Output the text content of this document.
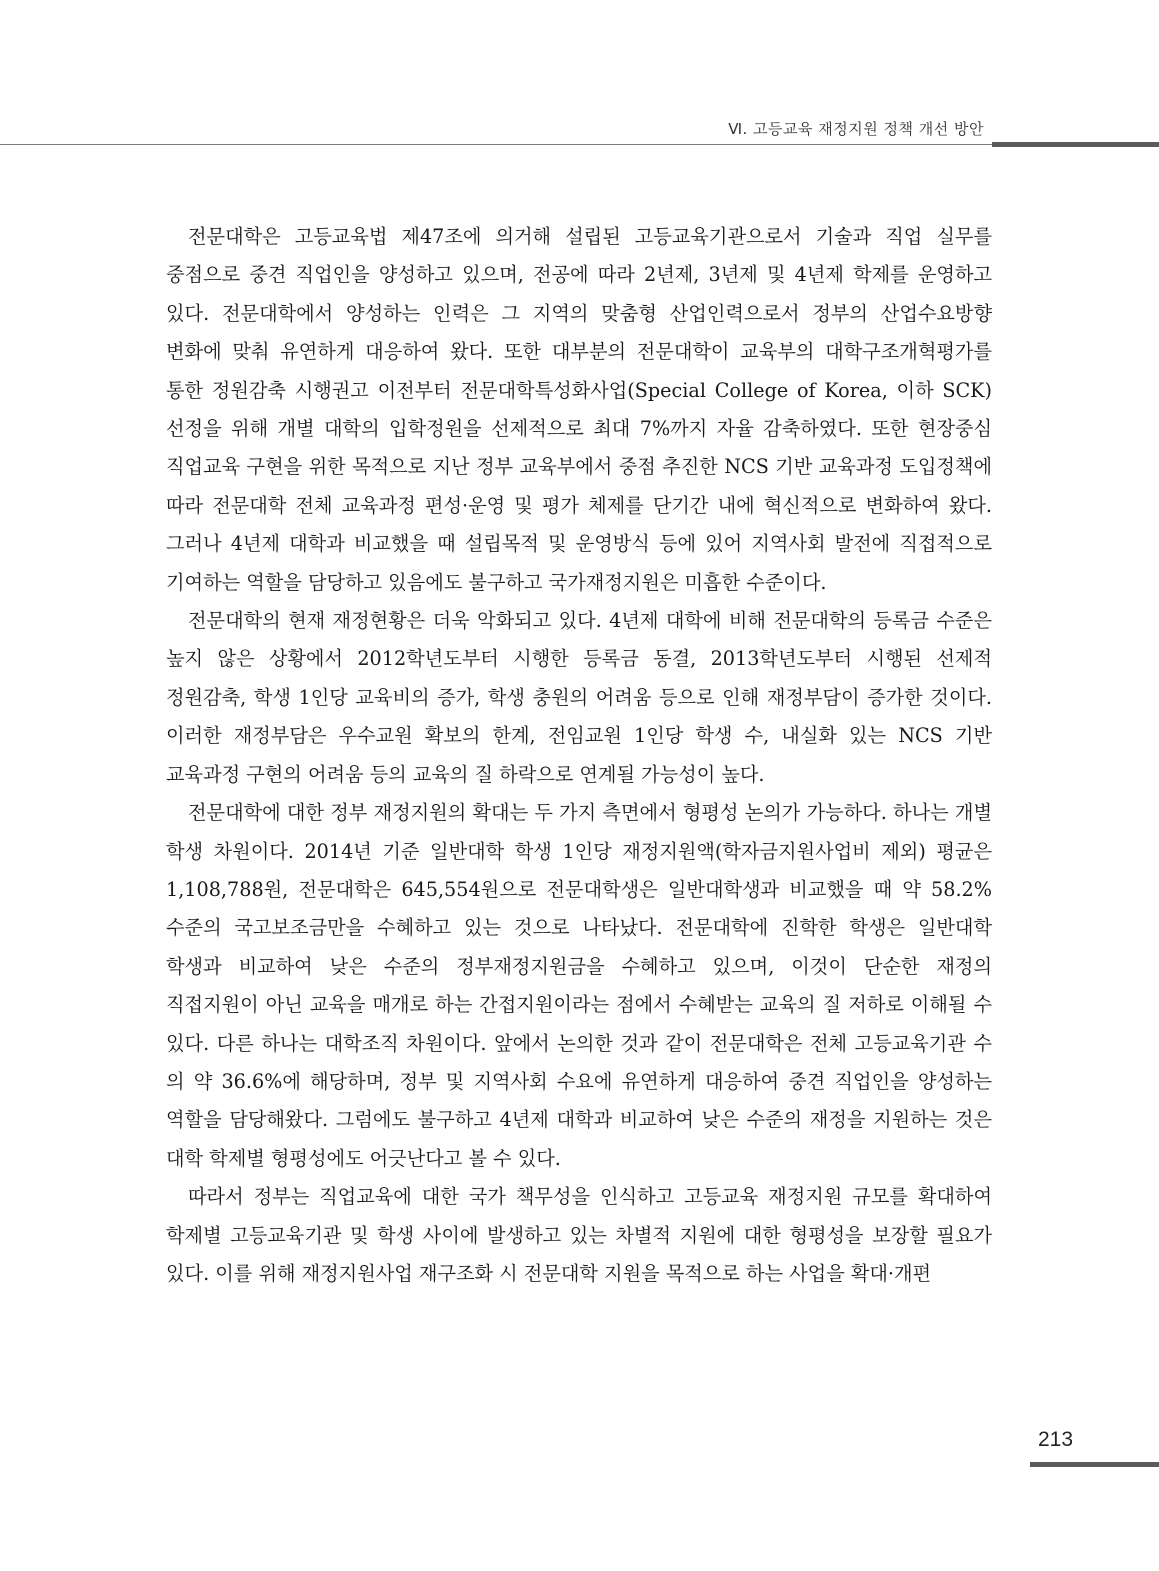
Ⅵ. 고등교육 재정지원 정책 개선 방안

전문대학은 고등교육법 제47조에 의거해 설립된 고등교육기관으로서 기술과 직업 실무를 중점으로 중견 직업인을 양성하고 있으며, 전공에 따라 2년제, 3년제 및 4년제 학제를 운영하고 있다. 전문대학에서 양성하는 인력은 그 지역의 맞춤형 산업인력으로서 정부의 산업수요방향 변화에 맞춰 유연하게 대응하여 왔다. 또한 대부분의 전문대학이 교육부의 대학구조개혁평가를 통한 정원감축 시행권고 이전부터 전문대학특성화사업(Special College of Korea, 이하 SCK) 선정을 위해 개별 대학의 입학정원을 선제적으로 최대 7%까지 자율 감축하였다. 또한 현장중심 직업교육 구현을 위한 목적으로 지난 정부 교육부에서 중점 추진한 NCS 기반 교육과정 도입정책에 따라 전문대학 전체 교육과정 편성·운영 및 평가 체제를 단기간 내에 혁신적으로 변화하여 왔다. 그러나 4년제 대학과 비교했을 때 설립목적 및 운영방식 등에 있어 지역사회 발전에 직접적으로 기여하는 역할을 담당하고 있음에도 불구하고 국가재정지원은 미흡한 수준이다.

전문대학의 현재 재정현황은 더욱 악화되고 있다. 4년제 대학에 비해 전문대학의 등록금 수준은 높지 않은 상황에서 2012학년도부터 시행한 등록금 동결, 2013학년도부터 시행된 선제적 정원감축, 학생 1인당 교육비의 증가, 학생 충원의 어려움 등으로 인해 재정부담이 증가한 것이다. 이러한 재정부담은 우수교원 확보의 한계, 전임교원 1인당 학생 수, 내실화 있는 NCS 기반 교육과정 구현의 어려움 등의 교육의 질 하락으로 연계될 가능성이 높다.

전문대학에 대한 정부 재정지원의 확대는 두 가지 측면에서 형평성 논의가 가능하다. 하나는 개별 학생 차원이다. 2014년 기준 일반대학 학생 1인당 재정지원액(학자금지원사업비 제외) 평균은 1,108,788원, 전문대학은 645,554원으로 전문대학생은 일반대학생과 비교했을 때 약 58.2% 수준의 국고보조금만을 수혜하고 있는 것으로 나타났다. 전문대학에 진학한 학생은 일반대학 학생과 비교하여 낮은 수준의 정부재정지원금을 수혜하고 있으며, 이것이 단순한 재정의 직접지원이 아닌 교육을 매개로 하는 간접지원이라는 점에서 수혜받는 교육의 질 저하로 이해될 수 있다. 다른 하나는 대학조직 차원이다. 앞에서 논의한 것과 같이 전문대학은 전체 고등교육기관 수 의 약 36.6%에 해당하며, 정부 및 지역사회 수요에 유연하게 대응하여 중견 직업인을 양성하는 역할을 담당해왔다. 그럼에도 불구하고 4년제 대학과 비교하여 낮은 수준의 재정을 지원하는 것은 대학 학제별 형평성에도 어긋난다고 볼 수 있다.

따라서 정부는 직업교육에 대한 국가 책무성을 인식하고 고등교육 재정지원 규모를 확대하여 학제별 고등교육기관 및 학생 사이에 발생하고 있는 차별적 지원에 대한 형평성을 보장할 필요가 있다. 이를 위해 재정지원사업 재구조화 시 전문대학 지원을 목적으로 하는 사업을 확대·개편

213
